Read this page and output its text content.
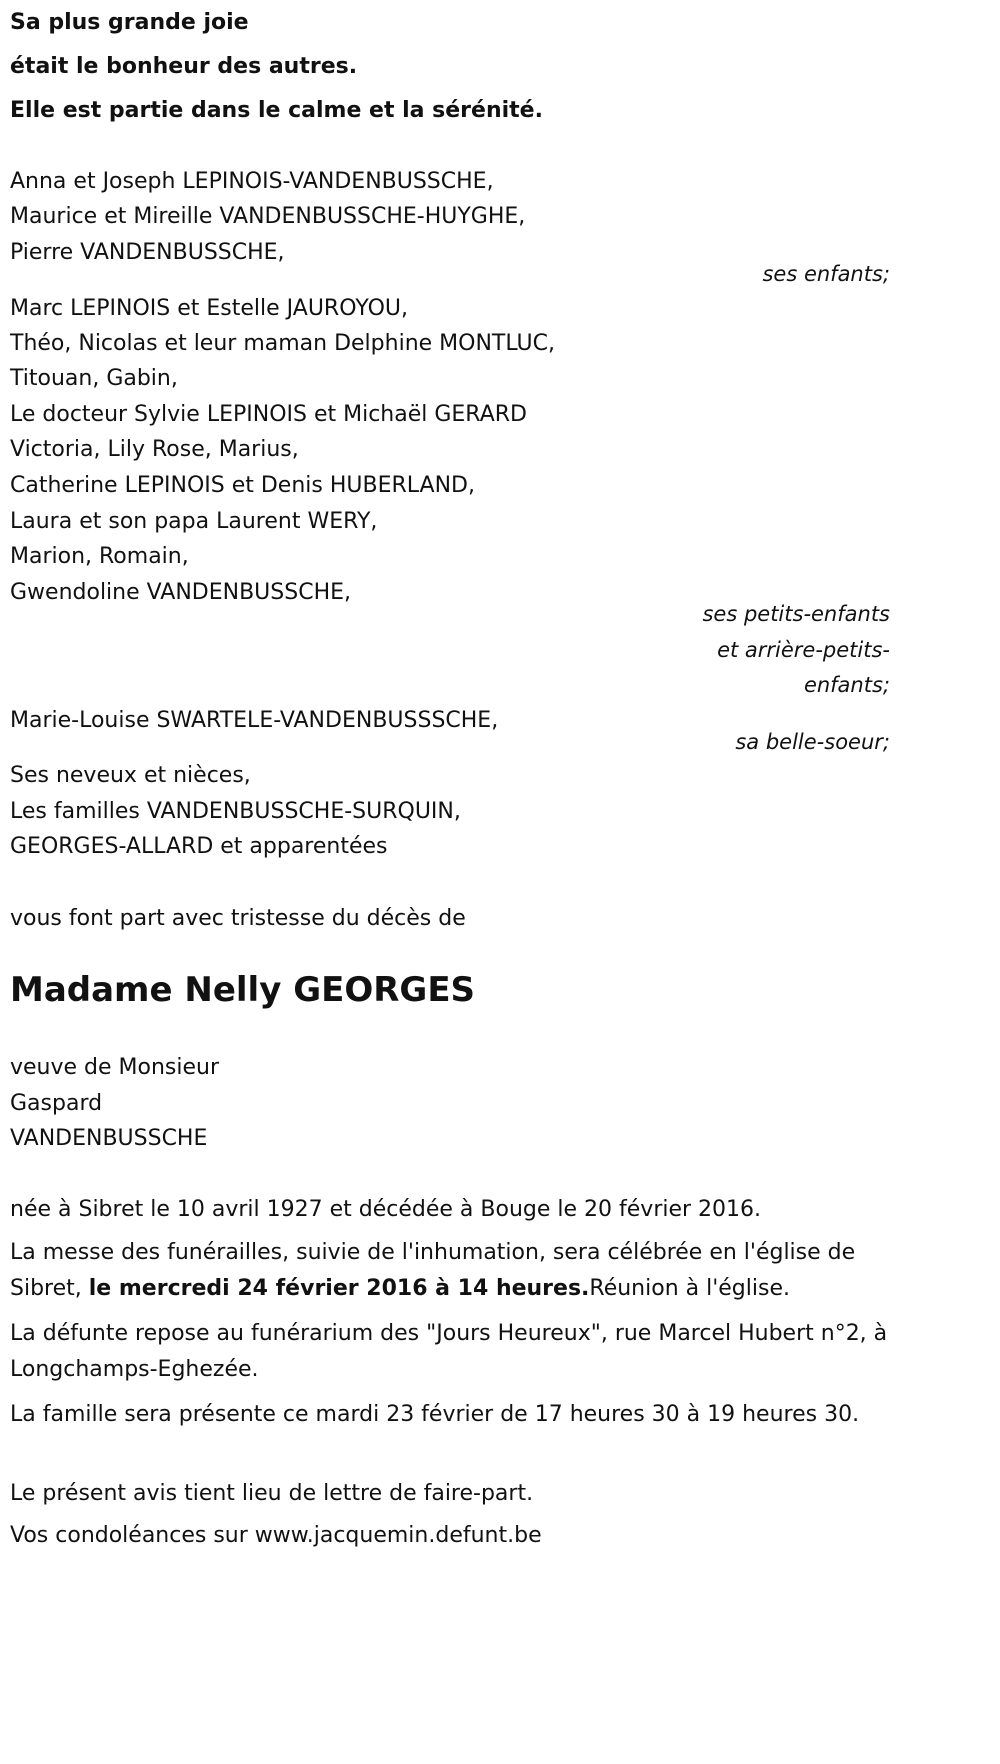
Sa plus grande joie
était le bonheur des autres.
Elle est partie dans le calme et la sérénité.
Anna et Joseph LEPINOIS-VANDENBUSSCHE,
Maurice et Mireille VANDENBUSSCHE-HUYGHE,
Pierre VANDENBUSSCHE,
ses enfants;
Marc LEPINOIS et Estelle JAUROYOU,
Théo, Nicolas et leur maman Delphine MONTLUC,
Titouan, Gabin,
Le docteur Sylvie LEPINOIS et Michaël GERARD
Victoria, Lily Rose, Marius,
Catherine LEPINOIS et Denis HUBERLAND,
Laura et son papa Laurent WERY,
Marion, Romain,
Gwendoline VANDENBUSSCHE,
ses petits-enfants
et arrière-petits-
enfants;
Marie-Louise SWARTELE-VANDENBUSSSCHE,
sa belle-soeur;
Ses neveux et nièces,
Les familles VANDENBUSSCHE-SURQUIN,
GEORGES-ALLARD et apparentées
vous font part avec tristesse du décès de
Madame Nelly GEORGES
veuve de Monsieur
Gaspard
VANDENBUSSCHE
née à Sibret le 10 avril 1927 et décédée à Bouge le 20 février 2016.
La messe des funérailles, suivie de l'inhumation, sera célébrée en l'église de Sibret, le mercredi 24 février 2016 à 14 heures.Réunion à l'église.
La défunte repose au funérarium des "Jours Heureux", rue Marcel Hubert n°2, à Longchamps-Eghezée.
La famille sera présente ce mardi 23 février de 17 heures 30 à 19 heures 30.
Le présent avis tient lieu de lettre de faire-part.
Vos condoléances sur www.jacquemin.defunt.be
